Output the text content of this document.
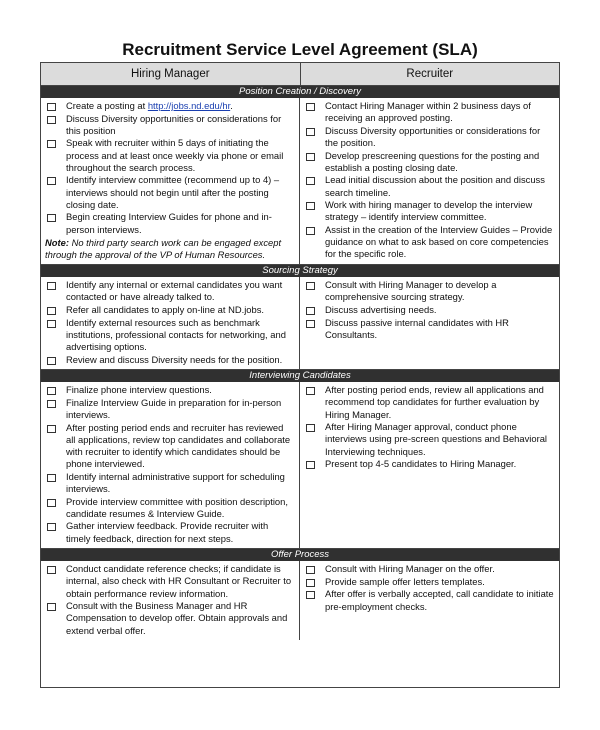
Recruitment Service Level Agreement (SLA)
Hiring Manager	Recruiter
Position Creation / Discovery
Create a posting at http://jobs.nd.edu/hr.
Discuss Diversity opportunities or considerations for this position
Speak with recruiter within 5 days of initiating the process and at least once weekly via phone or email throughout the search process.
Identify interview committee (recommend up to 4) – interviews should not begin until after the posting closing date.
Begin creating Interview Guides for phone and in-person interviews.
Note: No third party search work can be engaged except through the approval of the VP of Human Resources.
Contact Hiring Manager within 2 business days of receiving an approved posting.
Discuss Diversity opportunities or considerations for the position.
Develop prescreening questions for the posting and establish a posting closing date.
Lead initial discussion about the position and discuss search timeline.
Work with hiring manager to develop the interview strategy – identify interview committee.
Assist in the creation of the Interview Guides – Provide guidance on what to ask based on core competencies for the specific role.
Sourcing Strategy
Identify any internal or external candidates you want contacted or have already talked to.
Refer all candidates to apply on-line at ND.jobs.
Identify external resources such as benchmark institutions, professional contacts for networking, and advertising options.
Review and discuss Diversity needs for the position.
Consult with Hiring Manager to develop a comprehensive sourcing strategy.
Discuss advertising needs.
Discuss passive internal candidates with HR Consultants.
Interviewing Candidates
Finalize phone interview questions.
Finalize Interview Guide in preparation for in-person interviews.
After posting period ends and recruiter has reviewed all applications, review top candidates and collaborate with recruiter to identify which candidates should be phone interviewed.
Identify internal administrative support for scheduling interviews.
Provide interview committee with position description, candidate resumes & Interview Guide.
Gather interview feedback. Provide recruiter with timely feedback, direction for next steps.
After posting period ends, review all applications and recommend top candidates for further evaluation by Hiring Manager.
After Hiring Manager approval, conduct phone interviews using pre-screen questions and Behavioral Interviewing techniques.
Present top 4-5 candidates to Hiring Manager.
Offer Process
Conduct candidate reference checks; if candidate is internal, also check with HR Consultant or Recruiter to obtain performance review information.
Consult with the Business Manager and HR Compensation to develop offer. Obtain approvals and extend verbal offer.
Consult with Hiring Manager on the offer.
Provide sample offer letters templates.
After offer is verbally accepted, call candidate to initiate pre-employment checks.
